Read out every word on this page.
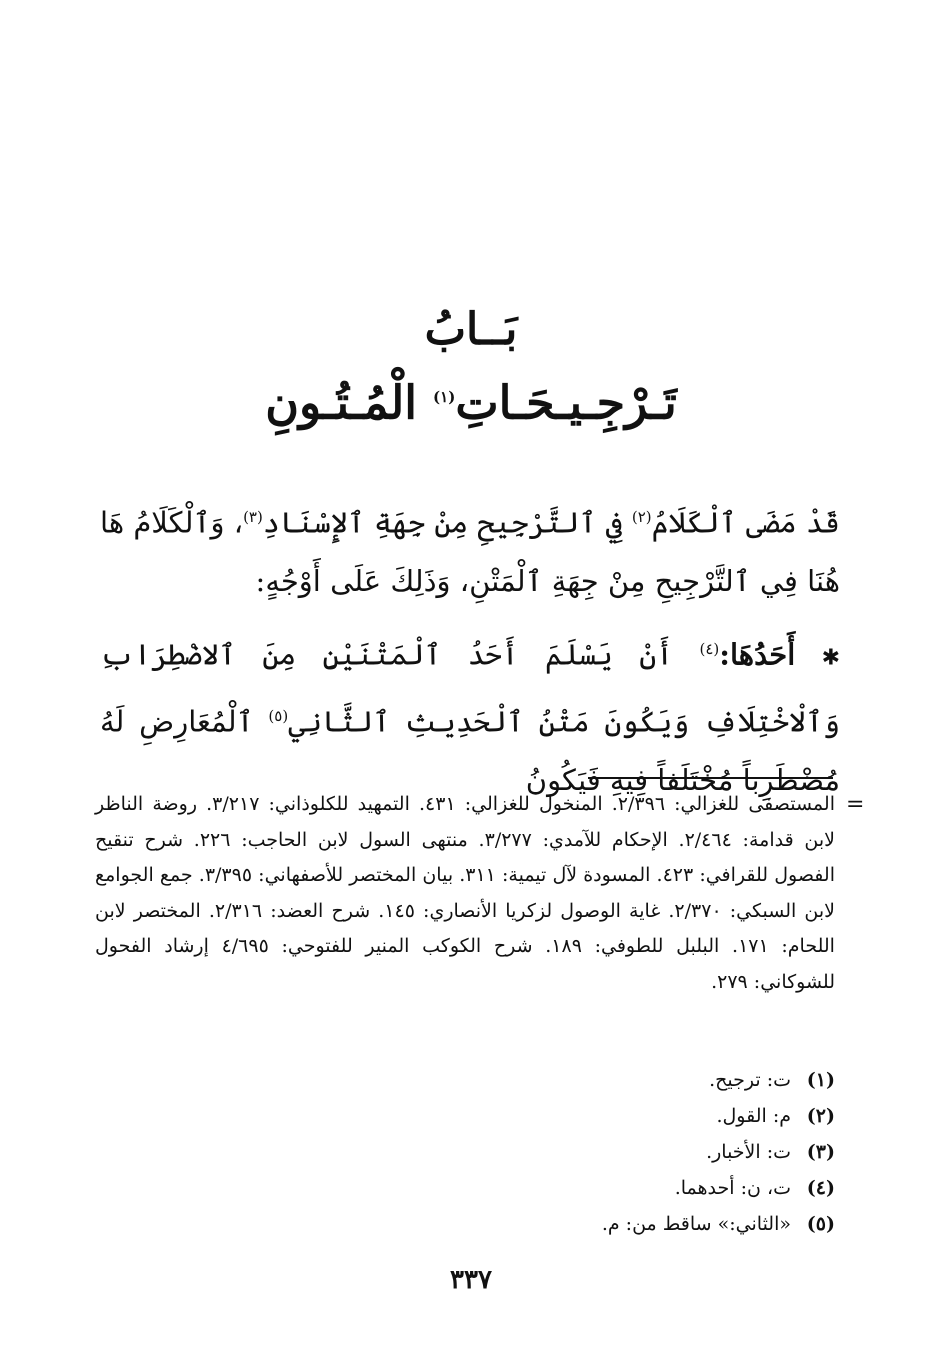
بَــابُ
تَـرْجِـيـحَـاتِ$^{(١)}$ الْمُـتُـونِ

قَدْ مَضَى ٱلْكَلَامُ$^{(٢)}$ فِي ٱلتَّرْجِيحِ مِنْ جِهَةِ ٱلإِسْنَادِ$^{(٣)}$، وَٱلْكَلَامُ هَا هُنَا فِي ٱلتَّرْجِيحِ مِنْ جِهَةِ ٱلْمَتْنِ، وَذَلِكَ عَلَى أَوْجُهٍ:

✱ أَحَدُهَا:$^{(٤)}$ أَنْ يَسْلَمَ أَحَدُ ٱلْمَتْنَيْنِ مِنَ ٱلاضْطِرَابِ وَٱلْاخْتِلَافِ وَيَكُونَ مَتْنُ ٱلْحَدِيثِ ٱلثَّانِي$^{(٥)}$ ٱلْمُعَارِضِ لَهُ مُضْطَرِباً مُخْتَلَفاً فِيهِ فَيَكُونُ

=
المستصفى للغزالي: ٢/٣٩٦. المنخول للغزالي: ٤٣١. التمهيد للكلوذاني: ٣/٢١٧. روضة الناظر لابن قدامة: ٢/٤٦٤. الإحكام للآمدي: ٣/٢٧٧. منتهى السول لابن الحاجب: ٢٢٦. شرح تنقيح الفصول للقرافي: ٤٢٣. المسودة لآل تيمية: ٣١١. بيان المختصر للأصفهاني: ٣/٣٩٥. جمع الجوامع لابن السبكي: ٢/٣٧٠. غاية الوصول لزكريا الأنصاري: ١٤٥. شرح العضد: ٢/٣١٦. المختصر لابن اللحام: ١٧١. البلبل للطوفي: ١٨٩. شرح الكوكب المنير للفتوحي: ٤/٦٩٥ إرشاد الفحول للشوكاني: ٢٧٩.
(١)ت: ترجيح.
(٢)م: القول.
(٣)ت: الأخبار.
(٤)ت، ن: أحدهما.
(٥)«الثاني:» ساقط من: م.
٣٣٧
